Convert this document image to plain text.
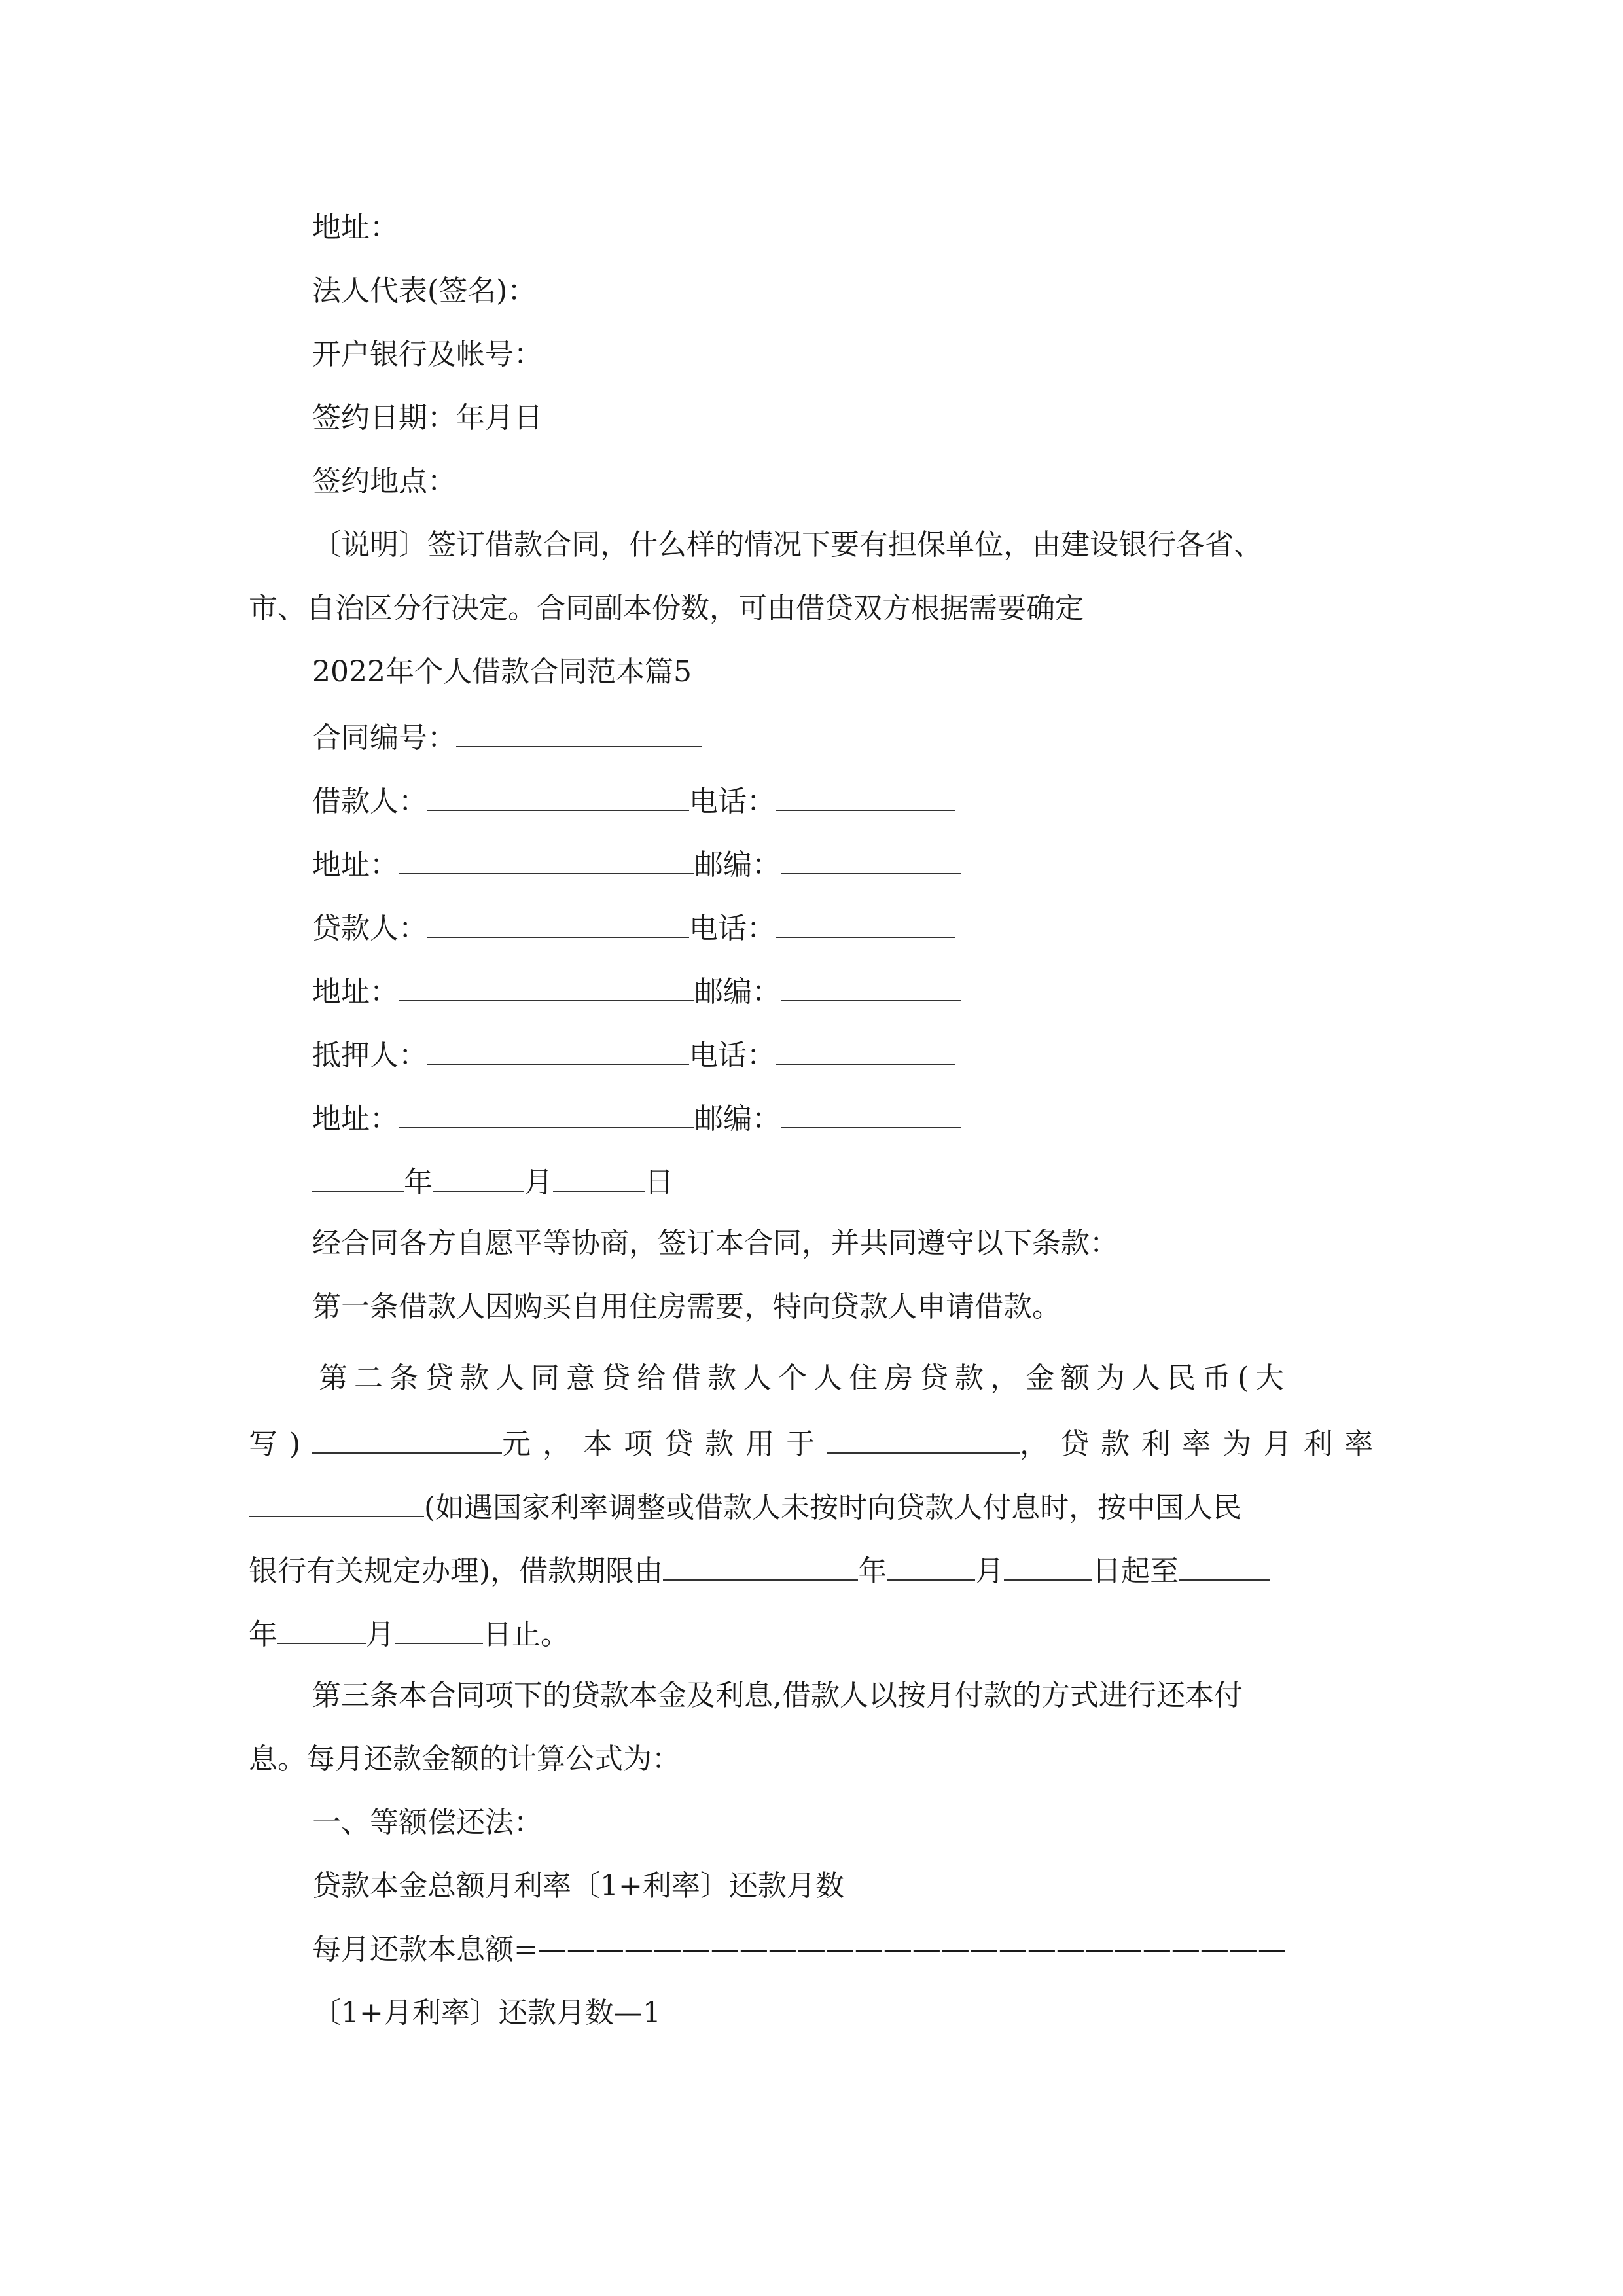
地址：
法人代表(签名)：
开户银行及帐号：
签约日期：年月日
签约地点：
〔说明〕签订借款合同，什么样的情况下要有担保单位，由建设银行各省、
市、自治区分行决定。合同副本份数，可由借贷双方根据需要确定
2022年个人借款合同范本篇5
合同编号：
借款人：	电话：
地址：	邮编：
贷款人：	电话：
地址：	邮编：
抵押人：	电话：
地址：	邮编：
年	月	日
经合同各方自愿平等协商，签订本合同，并共同遵守以下条款：
第一条借款人因购买自用住房需要，特向贷款人申请借款。
第二条贷款人同意贷给借款人个人住房贷款，金额为人民币(大
写)	元，本项贷款用于	，贷款利率为月利率
(如遇国家利率调整或借款人未按时向贷款人付息时，按中国人民
银行有关规定办理)，借款期限由	年	月	日起至
年	月	日止。
第三条本合同项下的贷款本金及利息,借款人以按月付款的方式进行还本付
息。每月还款金额的计算公式为：
一、等额偿还法：
贷款本金总额月利率〔1+利率〕还款月数
每月还款本息额=——————————————————————————
〔1+月利率〕还款月数—1
